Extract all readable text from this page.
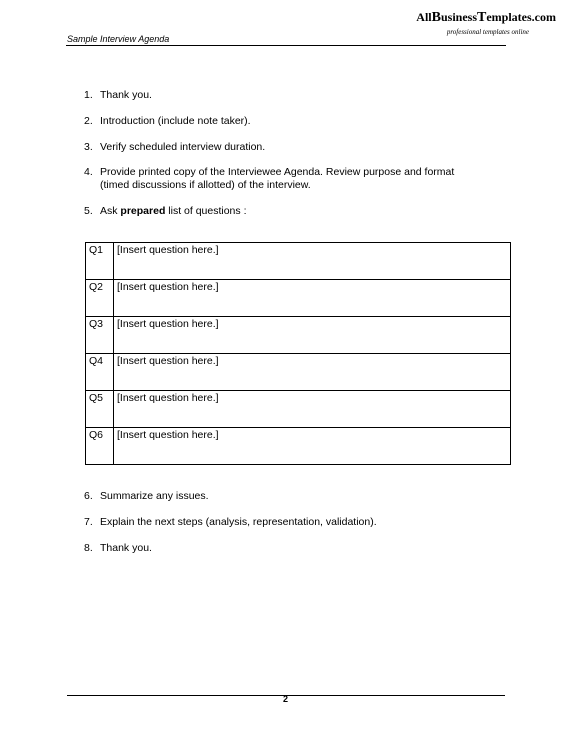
AllBusinessTemplates.com
professional templates online
Sample Interview Agenda
1. Thank you.
2. Introduction (include note taker).
3. Verify scheduled interview duration.
4. Provide printed copy of the Interviewee Agenda. Review purpose and format
(timed discussions if allotted) of the interview.
5. Ask prepared list of questions :
Q1	[Insert question here.]
Q2	[Insert question here.]
Q3	[Insert question here.]
Q4	[Insert question here.]
Q5	[Insert question here.]
Q6	[Insert question here.]
6. Summarize any issues.
7. Explain the next steps (analysis, representation, validation).
8. Thank you.
2
